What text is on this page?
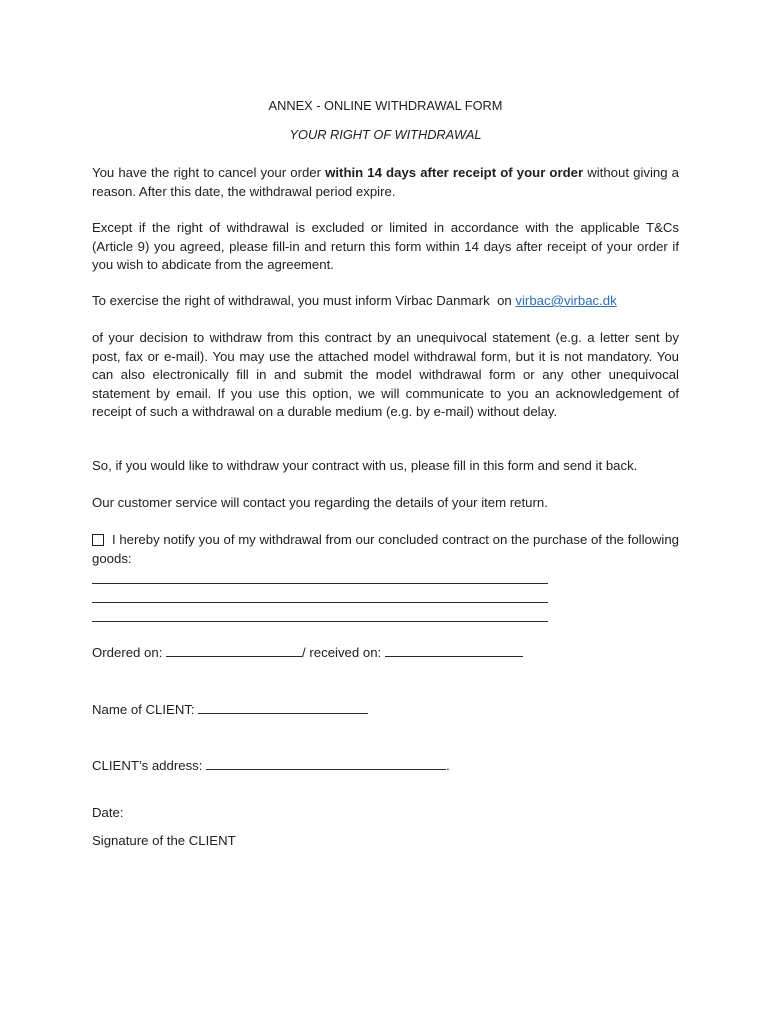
ANNEX - ONLINE WITHDRAWAL FORM
YOUR RIGHT OF WITHDRAWAL
You have the right to cancel your order within 14 days after receipt of your order without giving a reason. After this date, the withdrawal period expire.
Except if the right of withdrawal is excluded or limited in accordance with the applicable T&Cs (Article 9) you agreed, please fill-in and return this form within 14 days after receipt of your order if you wish to abdicate from the agreement.
To exercise the right of withdrawal, you must inform Virbac Danmark  on virbac@virbac.dk
of your decision to withdraw from this contract by an unequivocal statement (e.g. a letter sent by post, fax or e-mail). You may use the attached model withdrawal form, but it is not mandatory. You can also electronically fill in and submit the model withdrawal form or any other unequivocal statement by email. If you use this option, we will communicate to you an acknowledgement of receipt of such a withdrawal on a durable medium (e.g. by e-mail) without delay.
So, if you would like to withdraw your contract with us, please fill in this form and send it back.
Our customer service will contact you regarding the details of your item return.
I hereby notify you of my withdrawal from our concluded contract on the purchase of the following goods:
Ordered on:	/ received on:
Name of CLIENT:
CLIENT’s address:	.
Date:
Signature of the CLIENT
